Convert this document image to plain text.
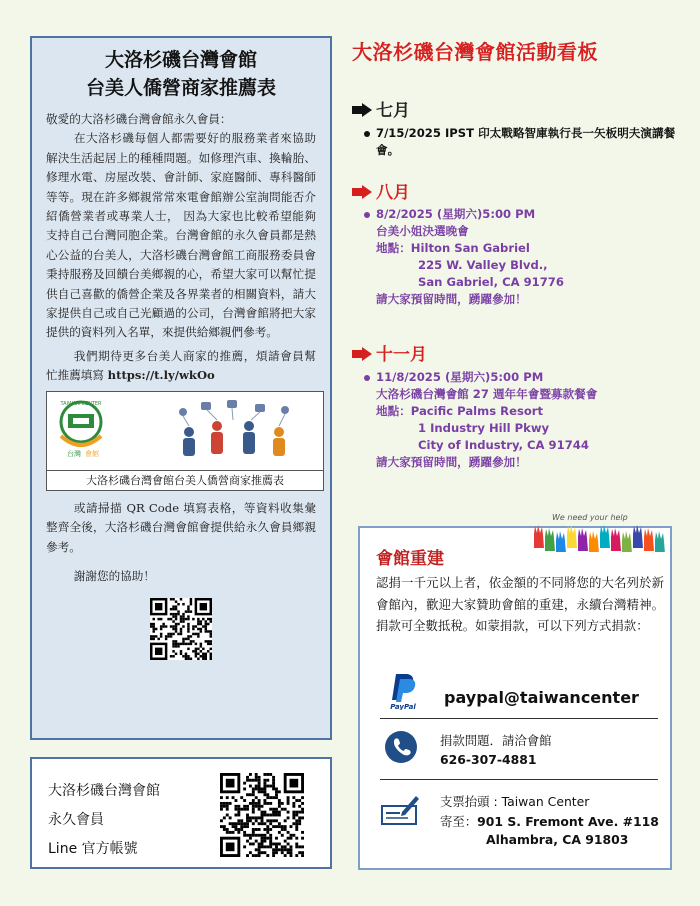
大洛杉磯台灣會館
台美人僑營商家推薦表

敬愛的大洛杉磯台灣會館永久會員：

在大洛杉磯每個人都需要好的服務業者來協助解決生活起居上的種種問題。如修理汽車、換輪胎、修理水電、房屋改裝、會計師、家庭醫師、專科醫師等等。現在許多鄉親常常來電會館辦公室詢問能否介紹僑營業者或專業人士， 因為大家也比較希望能夠支持自己台灣同胞企業。台灣會館的永久會員都是熱心公益的台美人，大洛杉磯台灣會館工商服務委員會秉持服務及回饋台美鄉親的心，希望大家可以幫忙提供自己喜歡的僑營企業及各界業者的相關資料，請大家提供自己或自己光顧過的公司，台灣會館將把大家提供的資料列入名單，來提供給鄉親們參考。

我們期待更多台美人商家的推薦，煩請會員幫忙推薦填寫 https://t.ly/wkOo

TAIWAN CENTER
台灣 會館
大洛杉磯台灣會館台美人僑營商家推薦表

或請掃描 QR Code 填寫表格，等資料收集彙整齊全後，大洛杉磯台灣會館會提供給永久會員鄉親參考。

謝謝您的協助！

大洛杉磯台灣會館
永久會員
Line 官方帳號
大洛杉磯台灣會館活動看板
七月
7/15/2025 IPST 印太戰略智庫執行長一矢板明夫演講餐會。
八月
8/2/2025 (星期六)5:00 PM
台美小姐決選晚會
地點：Hilton San Gabriel
225 W. Valley Blvd.,
San Gabriel, CA 91776
請大家預留時間，踴躍參加！
十一月
11/8/2025 (星期六)5:00 PM
大洛杉磯台灣會館 27 週年年會暨募款餐會
地點：Pacific Palms Resort
1 Industry Hill Pkwy
City of Industry, CA 91744
請大家預留時間，踴躍參加！
We need your help
會館重建

認捐一千元以上者，依金額的不同將您的大名列於新會館內，歡迎大家贊助會館的重建，永續台灣精神。捐款可全數抵稅。如蒙捐款，可以下列方式捐款：

PayPal paypal@taiwancenter
捐款問題．請洽會館
626-307-4881
支票抬頭 : Taiwan Center
寄至：901 S. Fremont Ave. #118
Alhambra, CA 91803
